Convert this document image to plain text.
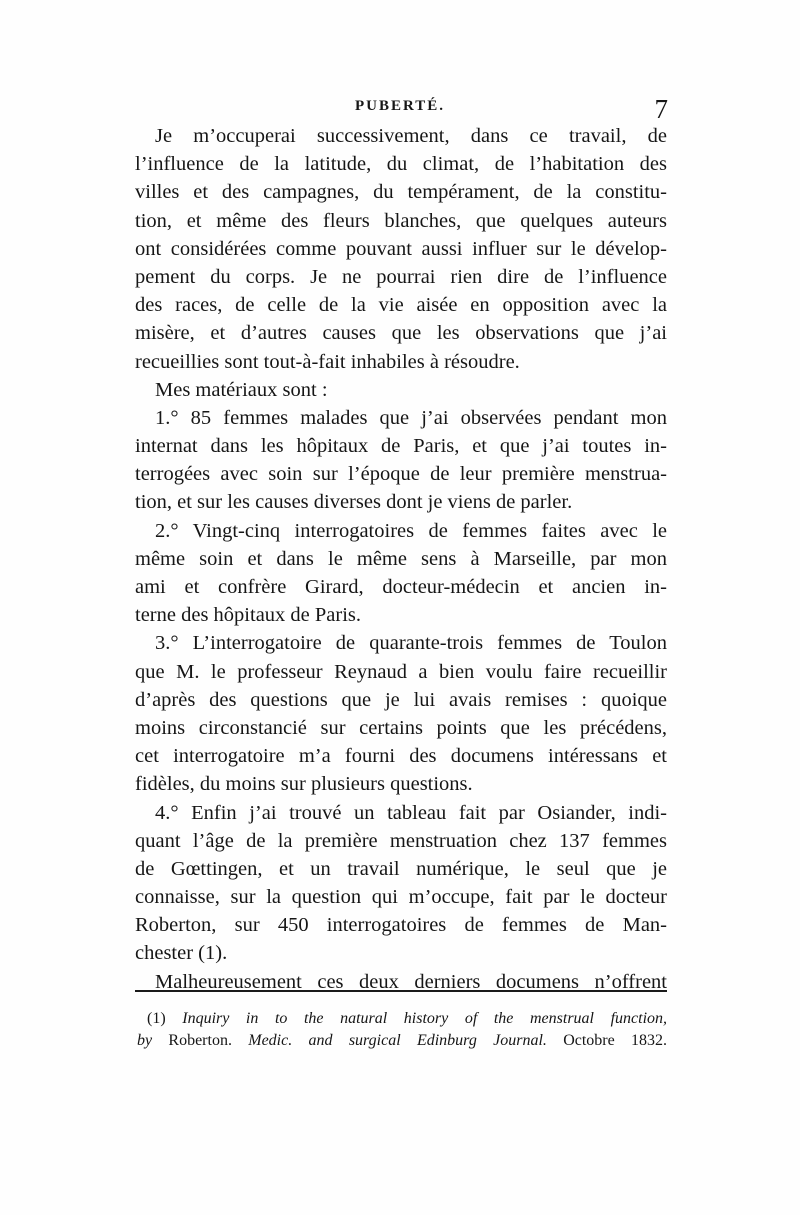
PUBERTÉ.	7
Je m’occuperai successivement, dans ce travail, de
l’influence de la latitude, du climat, de l’habitation des
villes et des campagnes, du tempérament, de la constitu-
tion, et même des fleurs blanches, que quelques auteurs
ont considérées comme pouvant aussi influer sur le dévelop-
pement du corps. Je ne pourrai rien dire de l’influence
des races, de celle de la vie aisée en opposition avec la
misère, et d’autres causes que les observations que j’ai
recueillies sont tout-à-fait inhabiles à résoudre.
Mes matériaux sont :
1.° 85 femmes malades que j’ai observées pendant mon
internat dans les hôpitaux de Paris, et que j’ai toutes in-
terrogées avec soin sur l’époque de leur première menstrua-
tion, et sur les causes diverses dont je viens de parler.
2.° Vingt-cinq interrogatoires de femmes faites avec le
même soin et dans le même sens à Marseille, par mon
ami et confrère Girard, docteur-médecin et ancien in-
terne des hôpitaux de Paris.
3.° L’interrogatoire de quarante-trois femmes de Toulon
que M. le professeur Reynaud a bien voulu faire recueillir
d’après des questions que je lui avais remises : quoique
moins circonstancié sur certains points que les précédens,
cet interrogatoire m’a fourni des documens intéressans et
fidèles, du moins sur plusieurs questions.
4.° Enfin j’ai trouvé un tableau fait par Osiander, indi-
quant l’âge de la première menstruation chez 137 femmes
de Gœttingen, et un travail numérique, le seul que je
connaisse, sur la question qui m’occupe, fait par le docteur
Roberton, sur 450 interrogatoires de femmes de Man-
chester (1).
Malheureusement ces deux derniers documens n’offrent
(1) Inquiry in to the natural history of the menstrual function,
by Roberton. Medic. and surgical Edinburg Journal. Octobre 1832.
